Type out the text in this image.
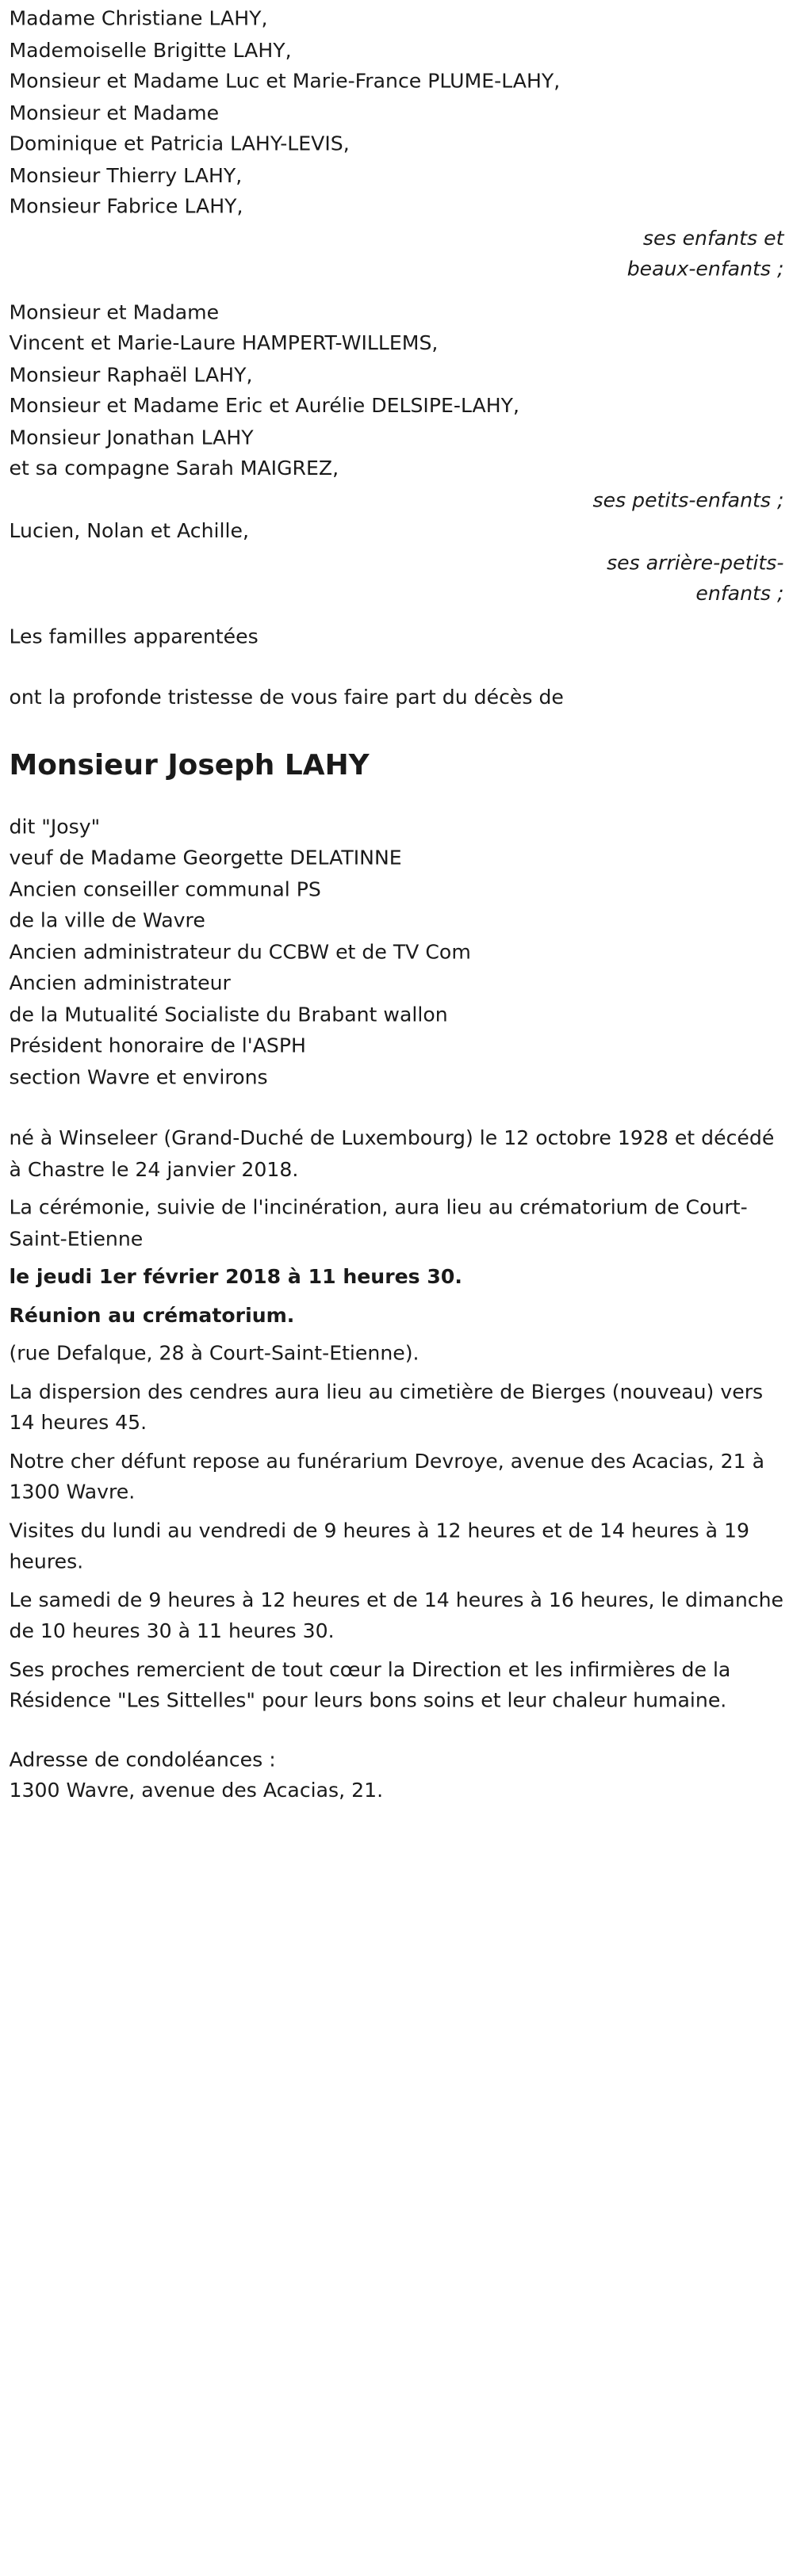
Madame Christiane LAHY,
Mademoiselle Brigitte LAHY,
Monsieur et Madame Luc et Marie-France PLUME-LAHY,
Monsieur et Madame
Dominique et Patricia LAHY-LEVIS,
Monsieur Thierry LAHY,
Monsieur Fabrice LAHY,
ses enfants et
beaux-enfants ;
Monsieur et Madame
Vincent et Marie-Laure HAMPERT-WILLEMS,
Monsieur Raphaël LAHY,
Monsieur et Madame Eric et Aurélie DELSIPE-LAHY,
Monsieur Jonathan LAHY
et sa compagne Sarah MAIGREZ,
ses petits-enfants ;
Lucien, Nolan et Achille,
ses arrière-petits-
enfants ;
Les familles apparentées
ont la profonde tristesse de vous faire part du décès de
Monsieur Joseph LAHY
dit "Josy"
veuf de Madame Georgette DELATINNE
Ancien conseiller communal PS
de la ville de Wavre
Ancien administrateur du CCBW et de TV Com
Ancien administrateur
de la Mutualité Socialiste du Brabant wallon
Président honoraire de l'ASPH
section Wavre et environs
né à Winseleer (Grand-Duché de Luxembourg) le 12 octobre 1928 et décédé à Chastre le 24 janvier 2018.
La cérémonie, suivie de l'incinération, aura lieu au crématorium de Court-Saint-Etienne
le jeudi 1er février 2018 à 11 heures 30.
Réunion au crématorium.
(rue Defalque, 28 à Court-Saint-Etienne).
La dispersion des cendres aura lieu au cimetière de Bierges (nouveau) vers 14 heures 45.
Notre cher défunt repose au funérarium Devroye, avenue des Acacias, 21 à 1300 Wavre.
Visites du lundi au vendredi de 9 heures à 12 heures et de 14 heures à 19 heures.
Le samedi de 9 heures à 12 heures et de 14 heures à 16 heures, le dimanche de 10 heures 30 à 11 heures 30.
Ses proches remercient de tout cœur la Direction et les infirmières de la Résidence "Les Sittelles" pour leurs bons soins et leur chaleur humaine.
Adresse de condoléances :
1300 Wavre, avenue des Acacias, 21.
